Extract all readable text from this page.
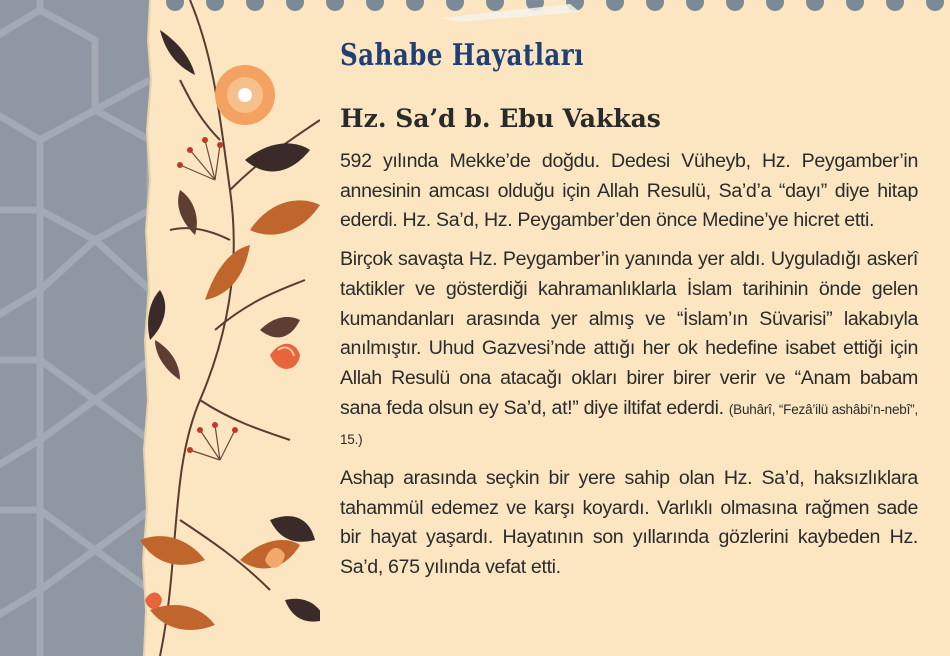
Sahabe Hayatları
Hz. Sa’d b. Ebu Vakkas

592 yılında Mekke’de doğdu. Dedesi Vüheyb, Hz. Peygamber’in annesinin amcası olduğu için Allah Resulü, Sa’d’a “dayı” diye hitap ederdi. Hz. Sa’d, Hz. Peygamber’den önce Medine’ye hicret etti.

Birçok savaşta Hz. Peygamber’in yanında yer aldı. Uyguladığı askerî taktikler ve gösterdiği kahramanlıklarla İslam tarihinin önde gelen kumandanları arasında yer almış ve “İslam’ın Süvarisi” lakabıyla anılmıştır. Uhud Gazvesi’nde attığı her ok hedefine isabet ettiği için Allah Resulü ona atacağı okları birer birer verir ve “Anam babam sana feda olsun ey Sa’d, at!” diye iltifat ederdi. (Buhârî, “Fezâ’ilü ashâbi’n-nebî”, 15.)

Ashap arasında seçkin bir yere sahip olan Hz. Sa’d, haksızlıklara tahammül edemez ve karşı koyardı. Varlıklı olmasına rağmen sade bir hayat yaşardı. Hayatının son yıllarında gözlerini kaybeden Hz. Sa’d, 675 yılında vefat etti.
